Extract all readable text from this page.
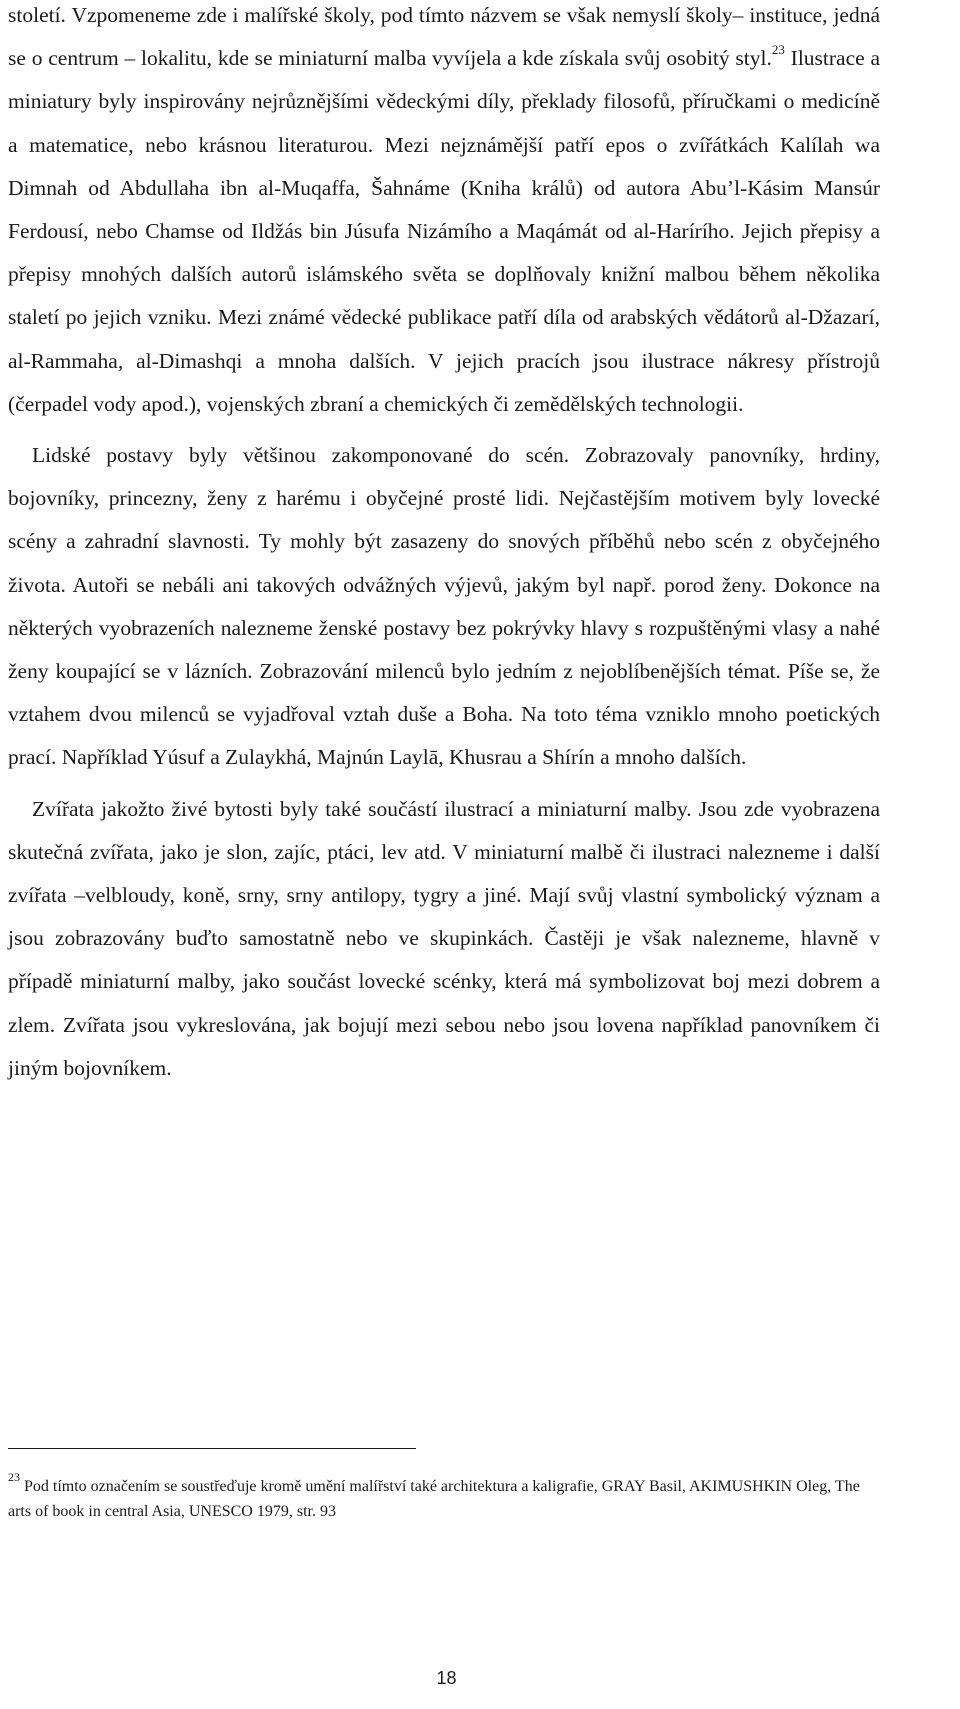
století. Vzpomeneme zde i malířské školy, pod tímto názvem se však nemyslí školy– instituce, jedná se o centrum – lokalitu, kde se miniaturní malba vyvíjela a kde získala svůj osobitý styl.$^{23}$ Ilustrace a miniatury byly inspirovány nejrůznějšími vědeckými díly, překlady filosofů, příručkami o medicíně a matematice, nebo krásnou literaturou. Mezi nejznámější patří epos o zvířátkách Kalílah wa Dimnah od Abdullaha ibn al-Muqaffa, Šahnáme (Kniha králů) od autora Abu’l-Kásim Mansúr Ferdousí, nebo Chamse od Ildžás bin Júsufa Nizámího a Maqámát od al-Harírího. Jejich přepisy a přepisy mnohých dalších autorů islámského světa se doplňovaly knižní malbou během několika staletí po jejich vzniku. Mezi známé vědecké publikace patří díla od arabských vědátorů al-Džazarí, al-Rammaha, al-Dimashqi a mnoha dalších. V jejich pracích jsou ilustrace nákresy přístrojů (čerpadel vody apod.), vojenských zbraní a chemických či zemědělských technologii.

Lidské postavy byly většinou zakomponované do scén. Zobrazovaly panovníky, hrdiny, bojovníky, princezny, ženy z harému i obyčejné prosté lidi. Nejčastějším motivem byly lovecké scény a zahradní slavnosti. Ty mohly být zasazeny do snových příběhů nebo scén z obyčejného života. Autoři se nebáli ani takových odvážných výjevů, jakým byl např. porod ženy. Dokonce na některých vyobrazeních nalezneme ženské postavy bez pokrývky hlavy s rozpuštěnými vlasy a nahé ženy koupající se v lázních. Zobrazování milenců bylo jedním z nejoblíbenějších témat. Píše se, že vztahem dvou milenců se vyjadřoval vztah duše a Boha. Na toto téma vzniklo mnoho poetických prací. Například Yúsuf a Zulaykhá, Majnún Laylā, Khusrau a Shírín a mnoho dalších.

Zvířata jakožto živé bytosti byly také součástí ilustrací a miniaturní malby. Jsou zde vyobrazena skutečná zvířata, jako je slon, zajíc, ptáci, lev atd. V miniaturní malbě či ilustraci nalezneme i další zvířata –velbloudy, koně, srny, srny antilopy, tygry a jiné. Mají svůj vlastní symbolický význam a jsou zobrazovány buďto samostatně nebo ve skupinkách. Častěji je však nalezneme, hlavně v případě miniaturní malby, jako součást lovecké scénky, která má symbolizovat boj mezi dobrem a zlem. Zvířata jsou vykreslována, jak bojují mezi sebou nebo jsou lovena například panovníkem či jiným bojovníkem.

$^{23}$ Pod tímto označením se soustřeďuje kromě umění malířství také architektura a kaligrafie, GRAY Basil, AKIMUSHKIN Oleg, The arts of book in central Asia, UNESCO 1979, str. 93
18
